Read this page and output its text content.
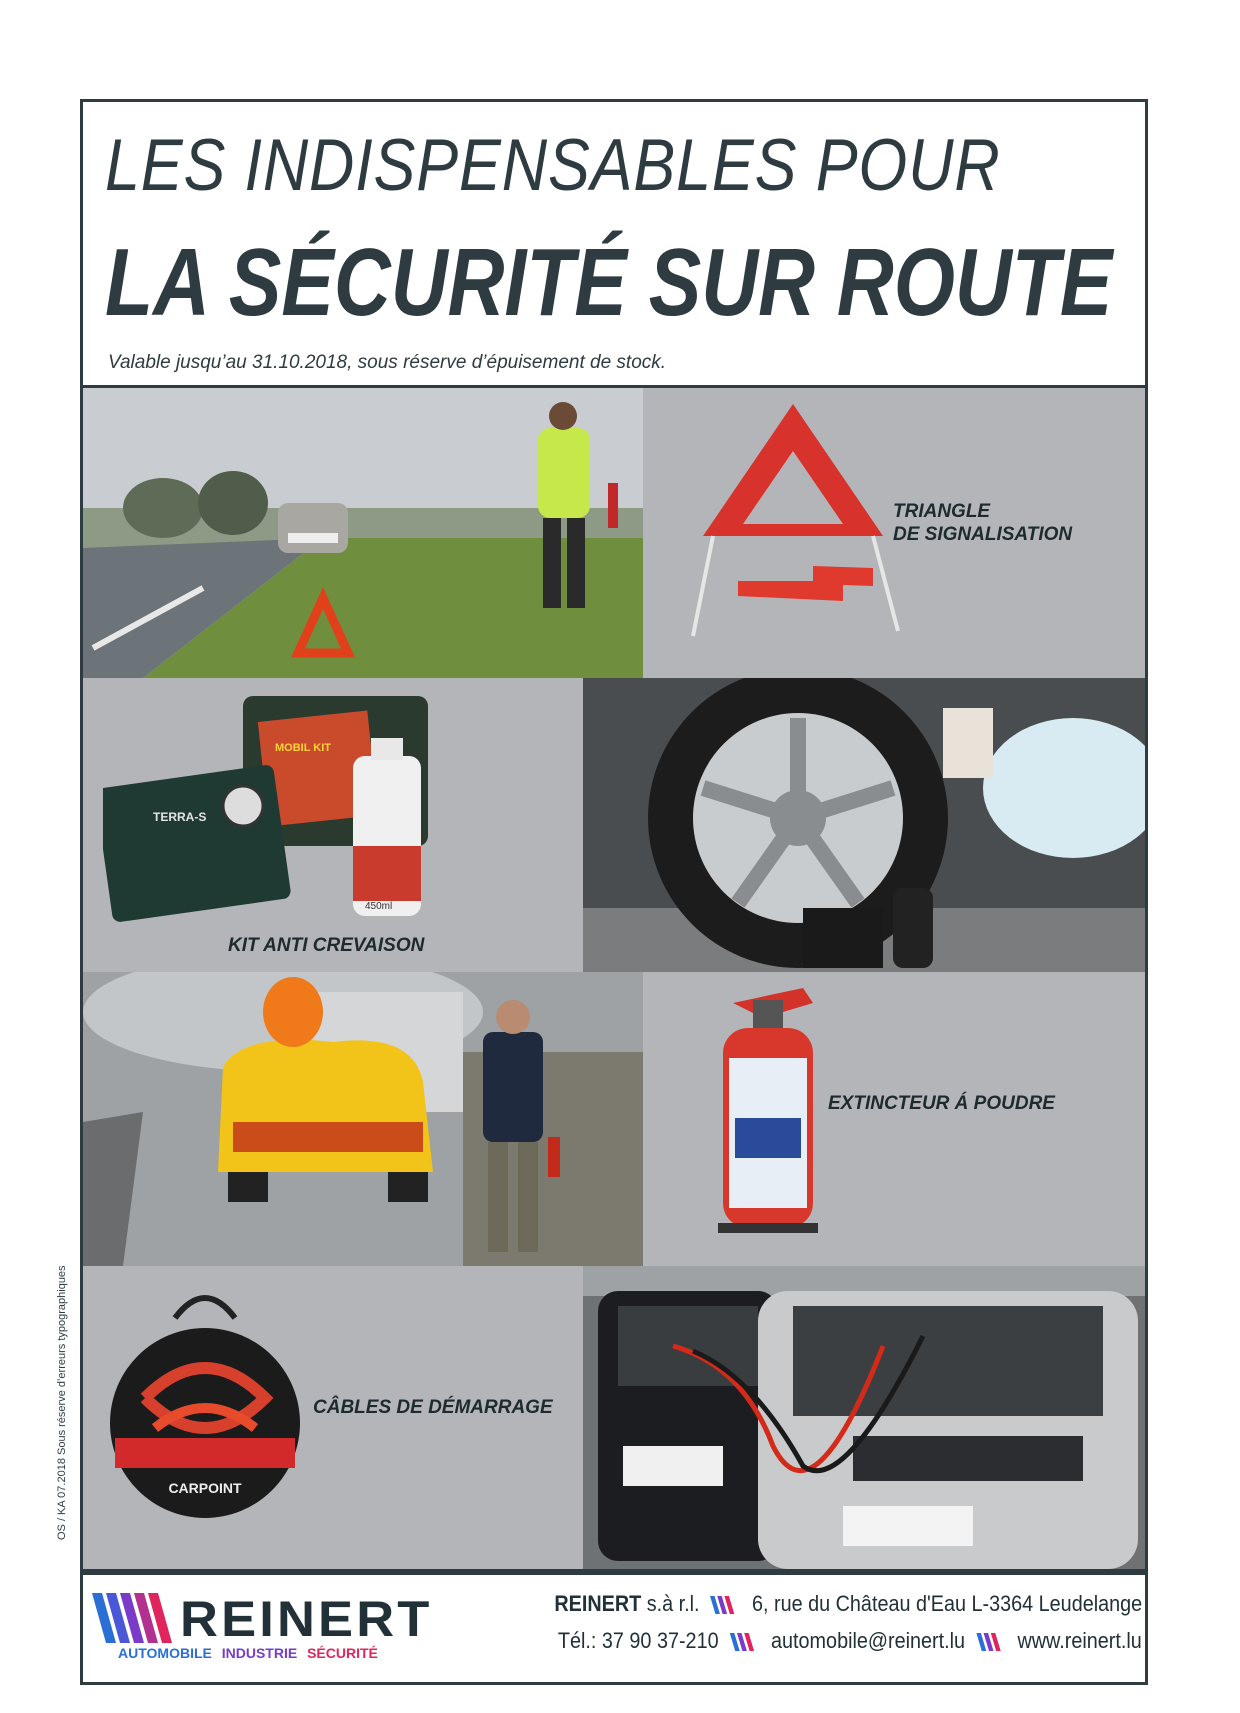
LES INDISPENSABLES POUR
LA SÉCURITÉ SUR ROUTE
Valable jusqu’au 31.10.2018, sous réserve d’épuisement de stock.
TRIANGLE
DE SIGNALISATION
TERRA-S
MOBIL KIT
450ml
KIT ANTI CREVAISON
EXTINCTEUR Á POUDRE
CARPOINT
CÂBLES DE DÉMARRAGE
OS / KA 07.2018 Sous réserve d’erreurs typographiques
REINERT
AUTOMOBILE INDUSTRIE SÉCURITÉ
REINERT s.à r.l. 6, rue du Château d'Eau L-3364 Leudelange
Tél.: 37 90 37-210 automobile@reinert.lu www.reinert.lu
